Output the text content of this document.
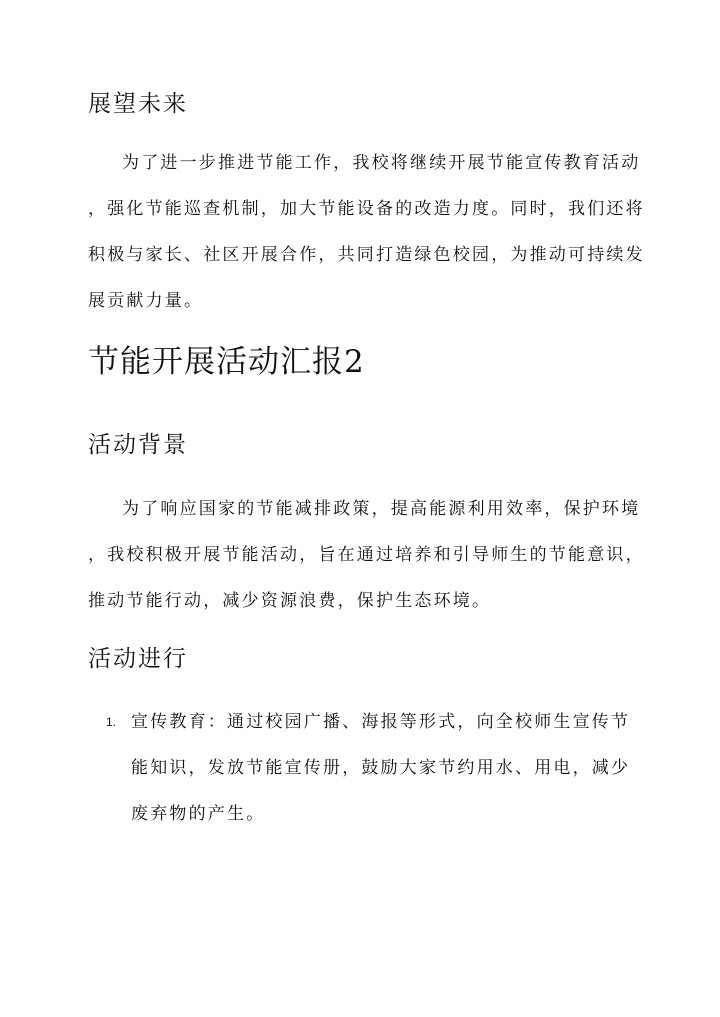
展望未来
为了进一步推进节能工作，我校将继续开展节能宣传教育活动
，强化节能巡查机制，加大节能设备的改造力度。同时，我们还将
积极与家长、社区开展合作，共同打造绿色校园，为推动可持续发
展贡献力量。
节能开展活动汇报2
活动背景
为了响应国家的节能减排政策，提高能源利用效率，保护环境
，我校积极开展节能活动，旨在通过培养和引导师生的节能意识，
推动节能行动，减少资源浪费，保护生态环境。
活动进行
1. 宣传教育：通过校园广播、海报等形式，向全校师生宣传节
能知识，发放节能宣传册，鼓励大家节约用水、用电，减少
废弃物的产生。
